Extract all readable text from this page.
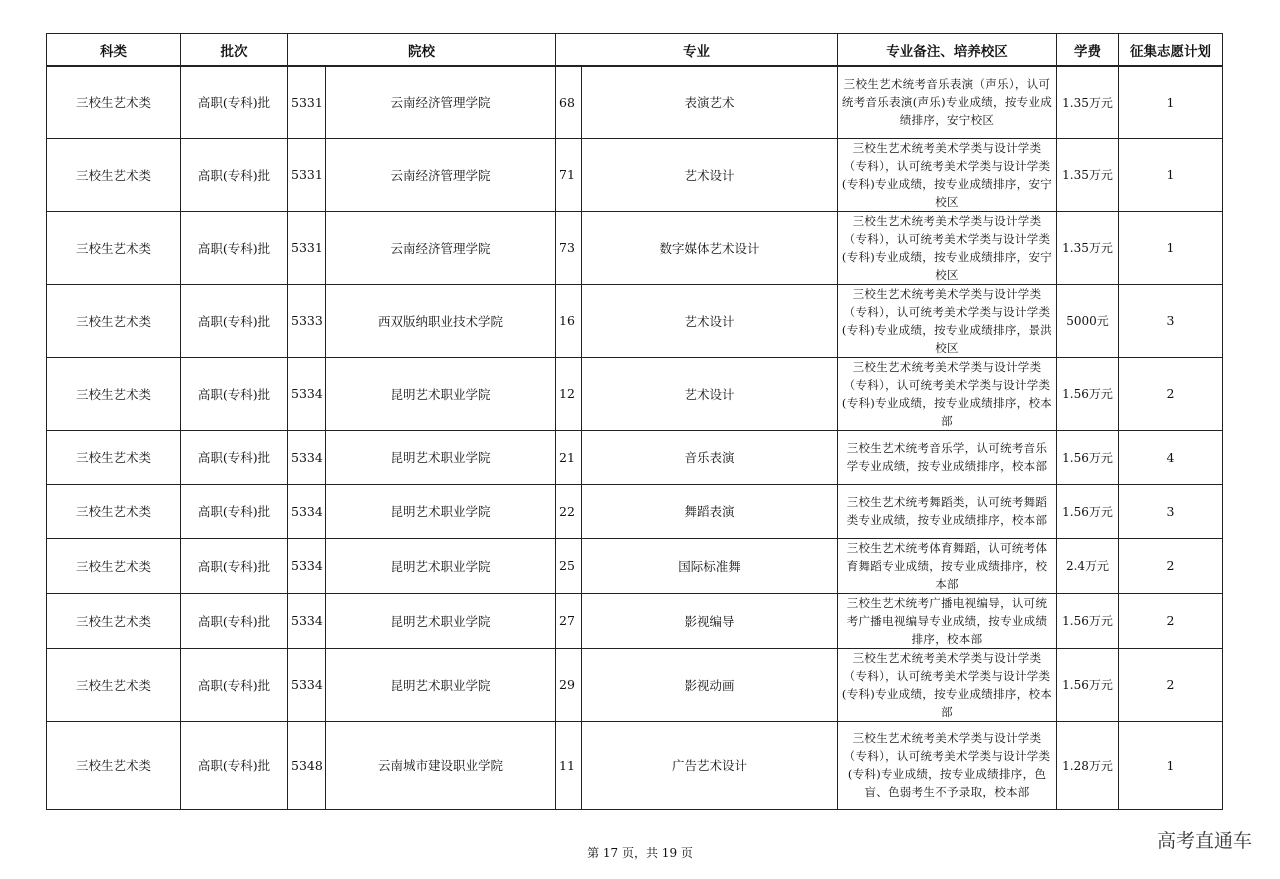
科类	批次	院校		专业		专业备注、培养校区	学费	征集志愿计划
三校生艺术类	高职(专科)批	5331	云南经济管理学院	68	表演艺术	三校生艺术统考音乐表演（声乐），认可统考音乐表演(声乐)专业成绩，按专业成绩排序，安宁校区	1.35万元	1
三校生艺术类	高职(专科)批	5331	云南经济管理学院	71	艺术设计	三校生艺术统考美术学类与设计学类（专科），认可统考美术学类与设计学类(专科)专业成绩，按专业成绩排序，安宁校区	1.35万元	1
三校生艺术类	高职(专科)批	5331	云南经济管理学院	73	数字媒体艺术设计	三校生艺术统考美术学类与设计学类（专科），认可统考美术学类与设计学类(专科)专业成绩，按专业成绩排序，安宁校区	1.35万元	1
三校生艺术类	高职(专科)批	5333	西双版纳职业技术学院	16	艺术设计	三校生艺术统考美术学类与设计学类（专科），认可统考美术学类与设计学类(专科)专业成绩，按专业成绩排序，景洪校区	5000元	3
三校生艺术类	高职(专科)批	5334	昆明艺术职业学院	12	艺术设计	三校生艺术统考美术学类与设计学类（专科），认可统考美术学类与设计学类(专科)专业成绩，按专业成绩排序，校本部	1.56万元	2
三校生艺术类	高职(专科)批	5334	昆明艺术职业学院	21	音乐表演	三校生艺术统考音乐学，认可统考音乐学专业成绩，按专业成绩排序，校本部	1.56万元	4
三校生艺术类	高职(专科)批	5334	昆明艺术职业学院	22	舞蹈表演	三校生艺术统考舞蹈类，认可统考舞蹈类专业成绩，按专业成绩排序，校本部	1.56万元	3
三校生艺术类	高职(专科)批	5334	昆明艺术职业学院	25	国际标准舞	三校生艺术统考体育舞蹈，认可统考体育舞蹈专业成绩，按专业成绩排序，校本部	2.4万元	2
三校生艺术类	高职(专科)批	5334	昆明艺术职业学院	27	影视编导	三校生艺术统考广播电视编导，认可统考广播电视编导专业成绩，按专业成绩排序，校本部	1.56万元	2
三校生艺术类	高职(专科)批	5334	昆明艺术职业学院	29	影视动画	三校生艺术统考美术学类与设计学类（专科），认可统考美术学类与设计学类(专科)专业成绩，按专业成绩排序，校本部	1.56万元	2
三校生艺术类	高职(专科)批	5348	云南城市建设职业学院	11	广告艺术设计	三校生艺术统考美术学类与设计学类（专科），认可统考美术学类与设计学类(专科)专业成绩，按专业成绩排序，色盲、色弱考生不予录取，校本部	1.28万元	1
第 17 页，共 19 页
高考直通车
